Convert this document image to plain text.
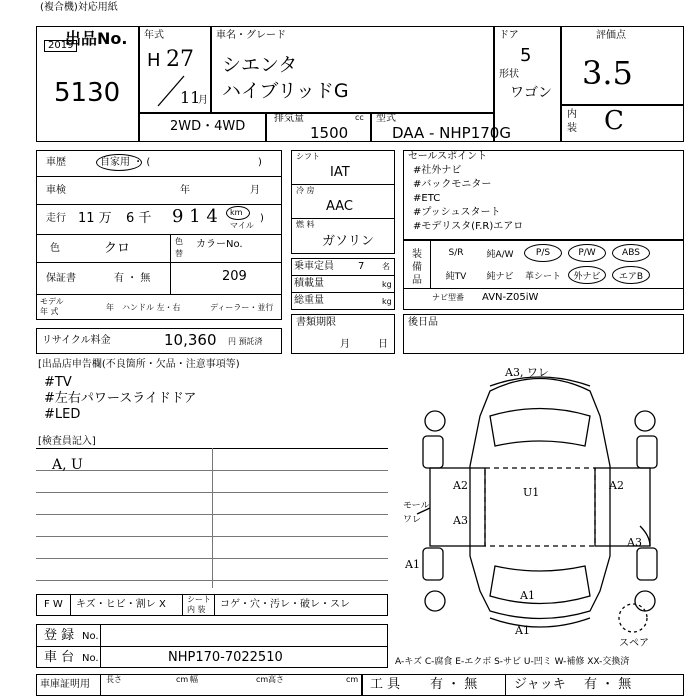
(複合機)対応用紙
2019
出品No.
5130
年式
H 27
11
月
車名・グレード
シエンタ
ハイブリッドG
ドア
5
形状
ワゴン
評価点
3.5
内
装 C
2WD・4WD
排気量	cc
1500
型式
DAA - NHP170G
車歴	自家用 ・ (	)
車検	年	月
走行 11 万 6 千 9 1 4 km
マイル
)
色	クロ	色
替
カラーNo.
209
保証書	有 ・ 無
モデル
年 式	年 ハンドル 左・右	ディーラー・並行
リサイクル料金	10,360 円 預託済
シフト
IAT
冷 房
AAC
燃 料
ガソリン
乗車定員 7 名
積載量	kg
総重量	kg
書類期限
月	日
セールスポイント
#社外ナビ
#バックモニター
#ETC
#プッシュスタート
#モデリスタ(F.R)エアロ
装
備
品
S/R	純A/W	P/S	P/W	ABS
純TV	純ナビ	革シート	外ナビ	エアB
ナビ型番 AVN-Z05iW
後日品
[出品店申告欄(不良箇所・欠品・注意事項等)
#TV
#左右パワースライドドア
#LED
[検査員記入]
A, U
F W キズ・ヒビ・割レ X	シート
内 装 コゲ・穴・汚レ・破レ・スレ
登 録 No.
車 台 No.	NHP170-7022510	A-キズ C-腐食 E-エクボ S-サビ U-凹ミ W-補修 XX-交換済
車庫証明用 長さ	cm 幅	cm 高さ	cm 工 具 有 ・ 無	ジャッキ 有 ・ 無
A3, ワレ
A2
U1
A2
A3
モール
ワレ
A3
A1
A1
A1
スペア
